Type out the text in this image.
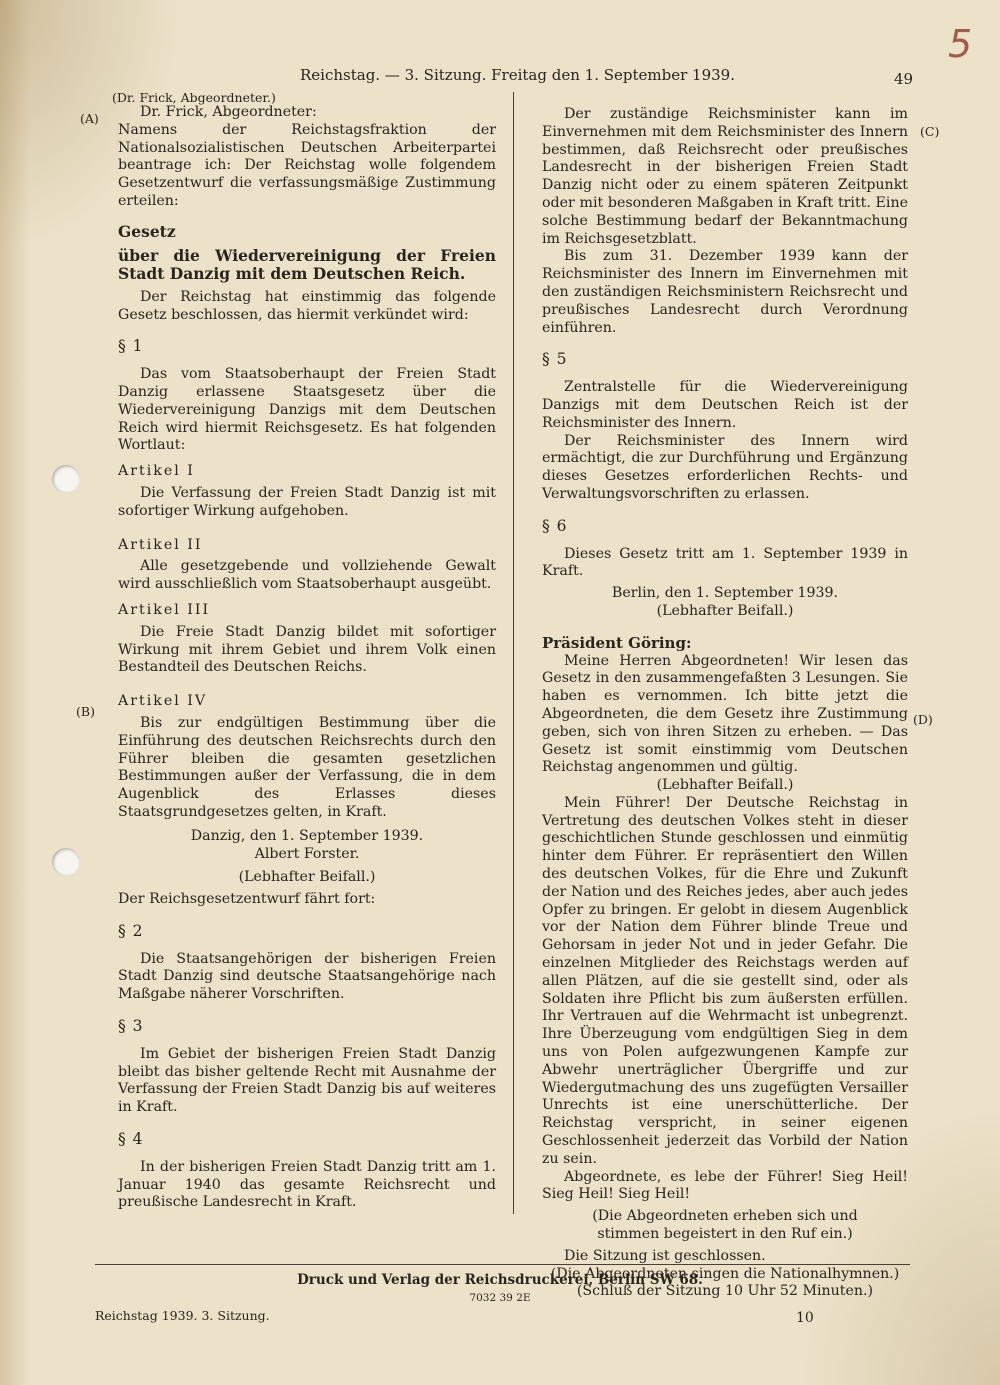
Reichstag. — 3. Sitzung. Freitag den 1. September 1939.	49
5
(Dr. Frick, Abgeordneter.)
(A)
(B)
(C)
(D)

Dr. Frick, Abgeordneter:

Namens der Reichstagsfraktion der Nationalsozialistischen Deutschen Arbeiterpartei beantrage ich: Der Reichstag wolle folgendem Gesetzentwurf die verfassungsmäßige Zustimmung erteilen:

Gesetz

über die Wiedervereinigung der Freien Stadt Danzig mit dem Deutschen Reich.

Der Reichstag hat einstimmig das folgende Gesetz beschlossen, das hiermit verkündet wird:

§ 1

Das vom Staatsoberhaupt der Freien Stadt Danzig erlassene Staatsgesetz über die Wiedervereinigung Danzigs mit dem Deutschen Reich wird hiermit Reichsgesetz. Es hat folgenden Wortlaut:

Artikel I

Die Verfassung der Freien Stadt Danzig ist mit sofortiger Wirkung aufgehoben.

Artikel II

Alle gesetzgebende und vollziehende Gewalt wird ausschließlich vom Staatsoberhaupt ausgeübt.

Artikel III

Die Freie Stadt Danzig bildet mit sofortiger Wirkung mit ihrem Gebiet und ihrem Volk einen Bestandteil des Deutschen Reichs.

Artikel IV

Bis zur endgültigen Bestimmung über die Einführung des deutschen Reichsrechts durch den Führer bleiben die gesamten gesetzlichen Bestimmungen außer der Verfassung, die in dem Augenblick des Erlasses dieses Staatsgrundgesetzes gelten, in Kraft.

Danzig, den 1. September 1939.

Albert Forster.

(Lebhafter Beifall.)

Der Reichsgesetzentwurf fährt fort:

§ 2

Die Staatsangehörigen der bisherigen Freien Stadt Danzig sind deutsche Staatsangehörige nach Maßgabe näherer Vorschriften.

§ 3

Im Gebiet der bisherigen Freien Stadt Danzig bleibt das bisher geltende Recht mit Ausnahme der Verfassung der Freien Stadt Danzig bis auf weiteres in Kraft.

§ 4

In der bisherigen Freien Stadt Danzig tritt am 1. Januar 1940 das gesamte Reichsrecht und preußische Landesrecht in Kraft.

Der zuständige Reichsminister kann im Einvernehmen mit dem Reichsminister des Innern bestimmen, daß Reichsrecht oder preußisches Landesrecht in der bisherigen Freien Stadt Danzig nicht oder zu einem späteren Zeitpunkt oder mit besonderen Maßgaben in Kraft tritt. Eine solche Bestimmung bedarf der Bekanntmachung im Reichsgesetzblatt.

Bis zum 31. Dezember 1939 kann der Reichsminister des Innern im Einvernehmen mit den zuständigen Reichsministern Reichsrecht und preußisches Landesrecht durch Verordnung einführen.

§ 5

Zentralstelle für die Wiedervereinigung Danzigs mit dem Deutschen Reich ist der Reichsminister des Innern.

Der Reichsminister des Innern wird ermächtigt, die zur Durchführung und Ergänzung dieses Gesetzes erforderlichen Rechts- und Verwaltungsvorschriften zu erlassen.

§ 6

Dieses Gesetz tritt am 1. September 1939 in Kraft.

Berlin, den 1. September 1939.

(Lebhafter Beifall.)

Präsident Göring:

Meine Herren Abgeordneten! Wir lesen das Gesetz in den zusammengefaßten 3 Lesungen. Sie haben es vernommen. Ich bitte jetzt die Abgeordneten, die dem Gesetz ihre Zustimmung geben, sich von ihren Sitzen zu erheben. — Das Gesetz ist somit einstimmig vom Deutschen Reichstag angenommen und gültig.

(Lebhafter Beifall.)

Mein Führer! Der Deutsche Reichstag in Vertretung des deutschen Volkes steht in dieser geschichtlichen Stunde geschlossen und einmütig hinter dem Führer. Er repräsentiert den Willen des deutschen Volkes, für die Ehre und Zukunft der Nation und des Reiches jedes, aber auch jedes Opfer zu bringen. Er gelobt in diesem Augenblick vor der Nation dem Führer blinde Treue und Gehorsam in jeder Not und in jeder Gefahr. Die einzelnen Mitglieder des Reichstags werden auf allen Plätzen, auf die sie gestellt sind, oder als Soldaten ihre Pflicht bis zum äußersten erfüllen. Ihr Vertrauen auf die Wehrmacht ist unbegrenzt. Ihre Überzeugung vom endgültigen Sieg in dem uns von Polen aufgezwungenen Kampfe zur Abwehr unerträglicher Übergriffe und zur Wiedergutmachung des uns zugefügten Versailler Unrechts ist eine unerschütterliche. Der Reichstag verspricht, in seiner eigenen Geschlossenheit jederzeit das Vorbild der Nation zu sein.

Abgeordnete, es lebe der Führer! Sieg Heil! Sieg Heil! Sieg Heil!

(Die Abgeordneten erheben sich und stimmen begeistert in den Ruf ein.)

Die Sitzung ist geschlossen.

(Die Abgeordneten singen die Nationalhymnen.)

(Schluß der Sitzung 10 Uhr 52 Minuten.)

Druck und Verlag der Reichsdruckerei, Berlin SW 68.
7032 39 2E
Reichstag 1939. 3. Sitzung.	10
